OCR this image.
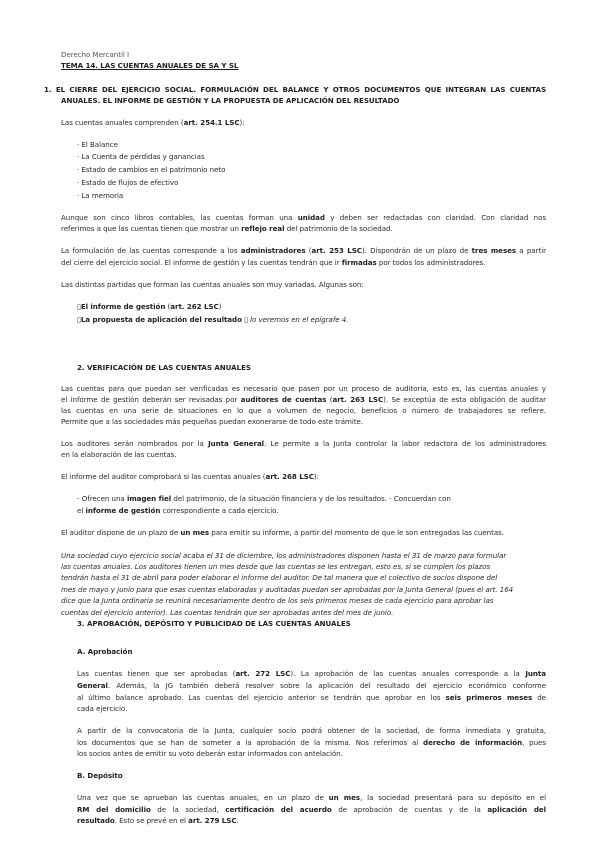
Derecho Mercantil I
TEMA 14. LAS CUENTAS ANUALES DE SA Y SL
1. EL CIERRE DEL EJERCICIO SOCIAL. FORMULACIÓN DEL BALANCE Y OTROS DOCUMENTOS QUE INTEGRAN LAS CUENTAS
ANUALES. EL INFORME DE GESTIÓN Y LA PROPUESTA DE APLICACIÓN DEL RESULTADO
Las cuentas anuales comprenden (art. 254.1 LSC):
· El Balance
· La Cuenta de pérdidas y ganancias
· Estado de cambios en el patrimonio neto
· Estado de flujos de efectivo
· La memoria
Aunque son cinco libros contables, las cuentas forman una unidad y deben ser redactadas con claridad. Con claridad nos
referimos a que las cuentas tienen que mostrar un reflejo real del patrimonio de la sociedad.
La formulación de las cuentas corresponde a los administradores (art. 253 LSC). Dispondrán de un plazo de tres meses a partir
del cierre del ejercicio social. El informe de gestión y las cuentas tendrán que ir firmadas por todos los administradores.
Las distintas partidas que forman las cuentas anuales son muy variadas. Algunas son:
▯El informe de gestión (art. 262 LSC)
▯La propuesta de aplicación del resultado ▯ lo veremos en el epígrafe 4.
2. VERIFICACIÓN DE LAS CUENTAS ANUALES
Las cuentas para que puedan ser verificadas es necesario que pasen por un proceso de auditoría, esto es, las cuentas anuales y
el informe de gestión deberán ser revisadas por auditores de cuentas (art. 263 LSC). Se exceptúa de esta obligación de auditar
las cuentas en una serie de situaciones en lo que a volumen de negocio, beneficios o número de trabajadores se refiere.
Permite que a las sociedades más pequeñas puedan exonerarse de todo este trámite.
Los auditores serán nombrados por la Junta General. Le permite a la Junta controlar la labor redactora de los administradores
en la elaboración de las cuentas.
El informe del auditor comprobará si las cuentas anuales (art. 268 LSC):
- Ofrecen una imagen fiel del patrimonio, de la situación financiera y de los resultados. - Concuerdan con
el informe de gestión correspondiente a cada ejercicio.
El auditor dispone de un plazo de un mes para emitir su informe, a partir del momento de que le son entregadas las cuentas.
Una sociedad cuyo ejercicio social acaba el 31 de diciembre, los administradores disponen hasta el 31 de marzo para formular
las cuentas anuales. Los auditores tienen un mes desde que las cuentas se les entregan, esto es, si se cumplen los plazos
tendrán hasta el 31 de abril para poder elaborar el informe del auditor. De tal manera que el colectivo de socios dispone del
mes de mayo y junio para que esas cuentas elaboradas y auditadas puedan ser aprobadas por la Junta General (pues el art. 164
dice que la Junta ordinaria se reunirá necesariamente dentro de los seis primeros meses de cada ejercicio para aprobar las
cuentas del ejercicio anterior). Las cuentas tendrán que ser aprobadas antes del mes de junio.
3. APROBACIÓN, DEPÓSITO Y PUBLICIDAD DE LAS CUENTAS ANUALES
A. Aprobación
Las cuentas tienen que ser aprobadas (art. 272 LSC). La aprobación de las cuentas anuales corresponde a la Junta
General. Además, la JG también deberá resolver sobre la aplicación del resultado del ejercicio económico conforme
al último balance aprobado. Las cuentas del ejercicio anterior se tendrán que aprobar en los seis primeros meses de
cada ejercicio.
A partir de la convocatoria de la Junta, cualquier socio podrá obtener de la sociedad, de forma inmediata y gratuita,
los documentos que se han de someter a la aprobación de la misma. Nos referimos al derecho de información, pues
los socios antes de emitir su voto deberán estar informados con antelación.
B. Depósito
Una vez que se aprueban las cuentas anuales, en un plazo de un mes, la sociedad presentará para su depósito en el
RM del domicilio de la sociedad, certificación del acuerdo de aprobación de cuentas y de la aplicación del
resultado. Esto se prevé en el art. 279 LSC.
